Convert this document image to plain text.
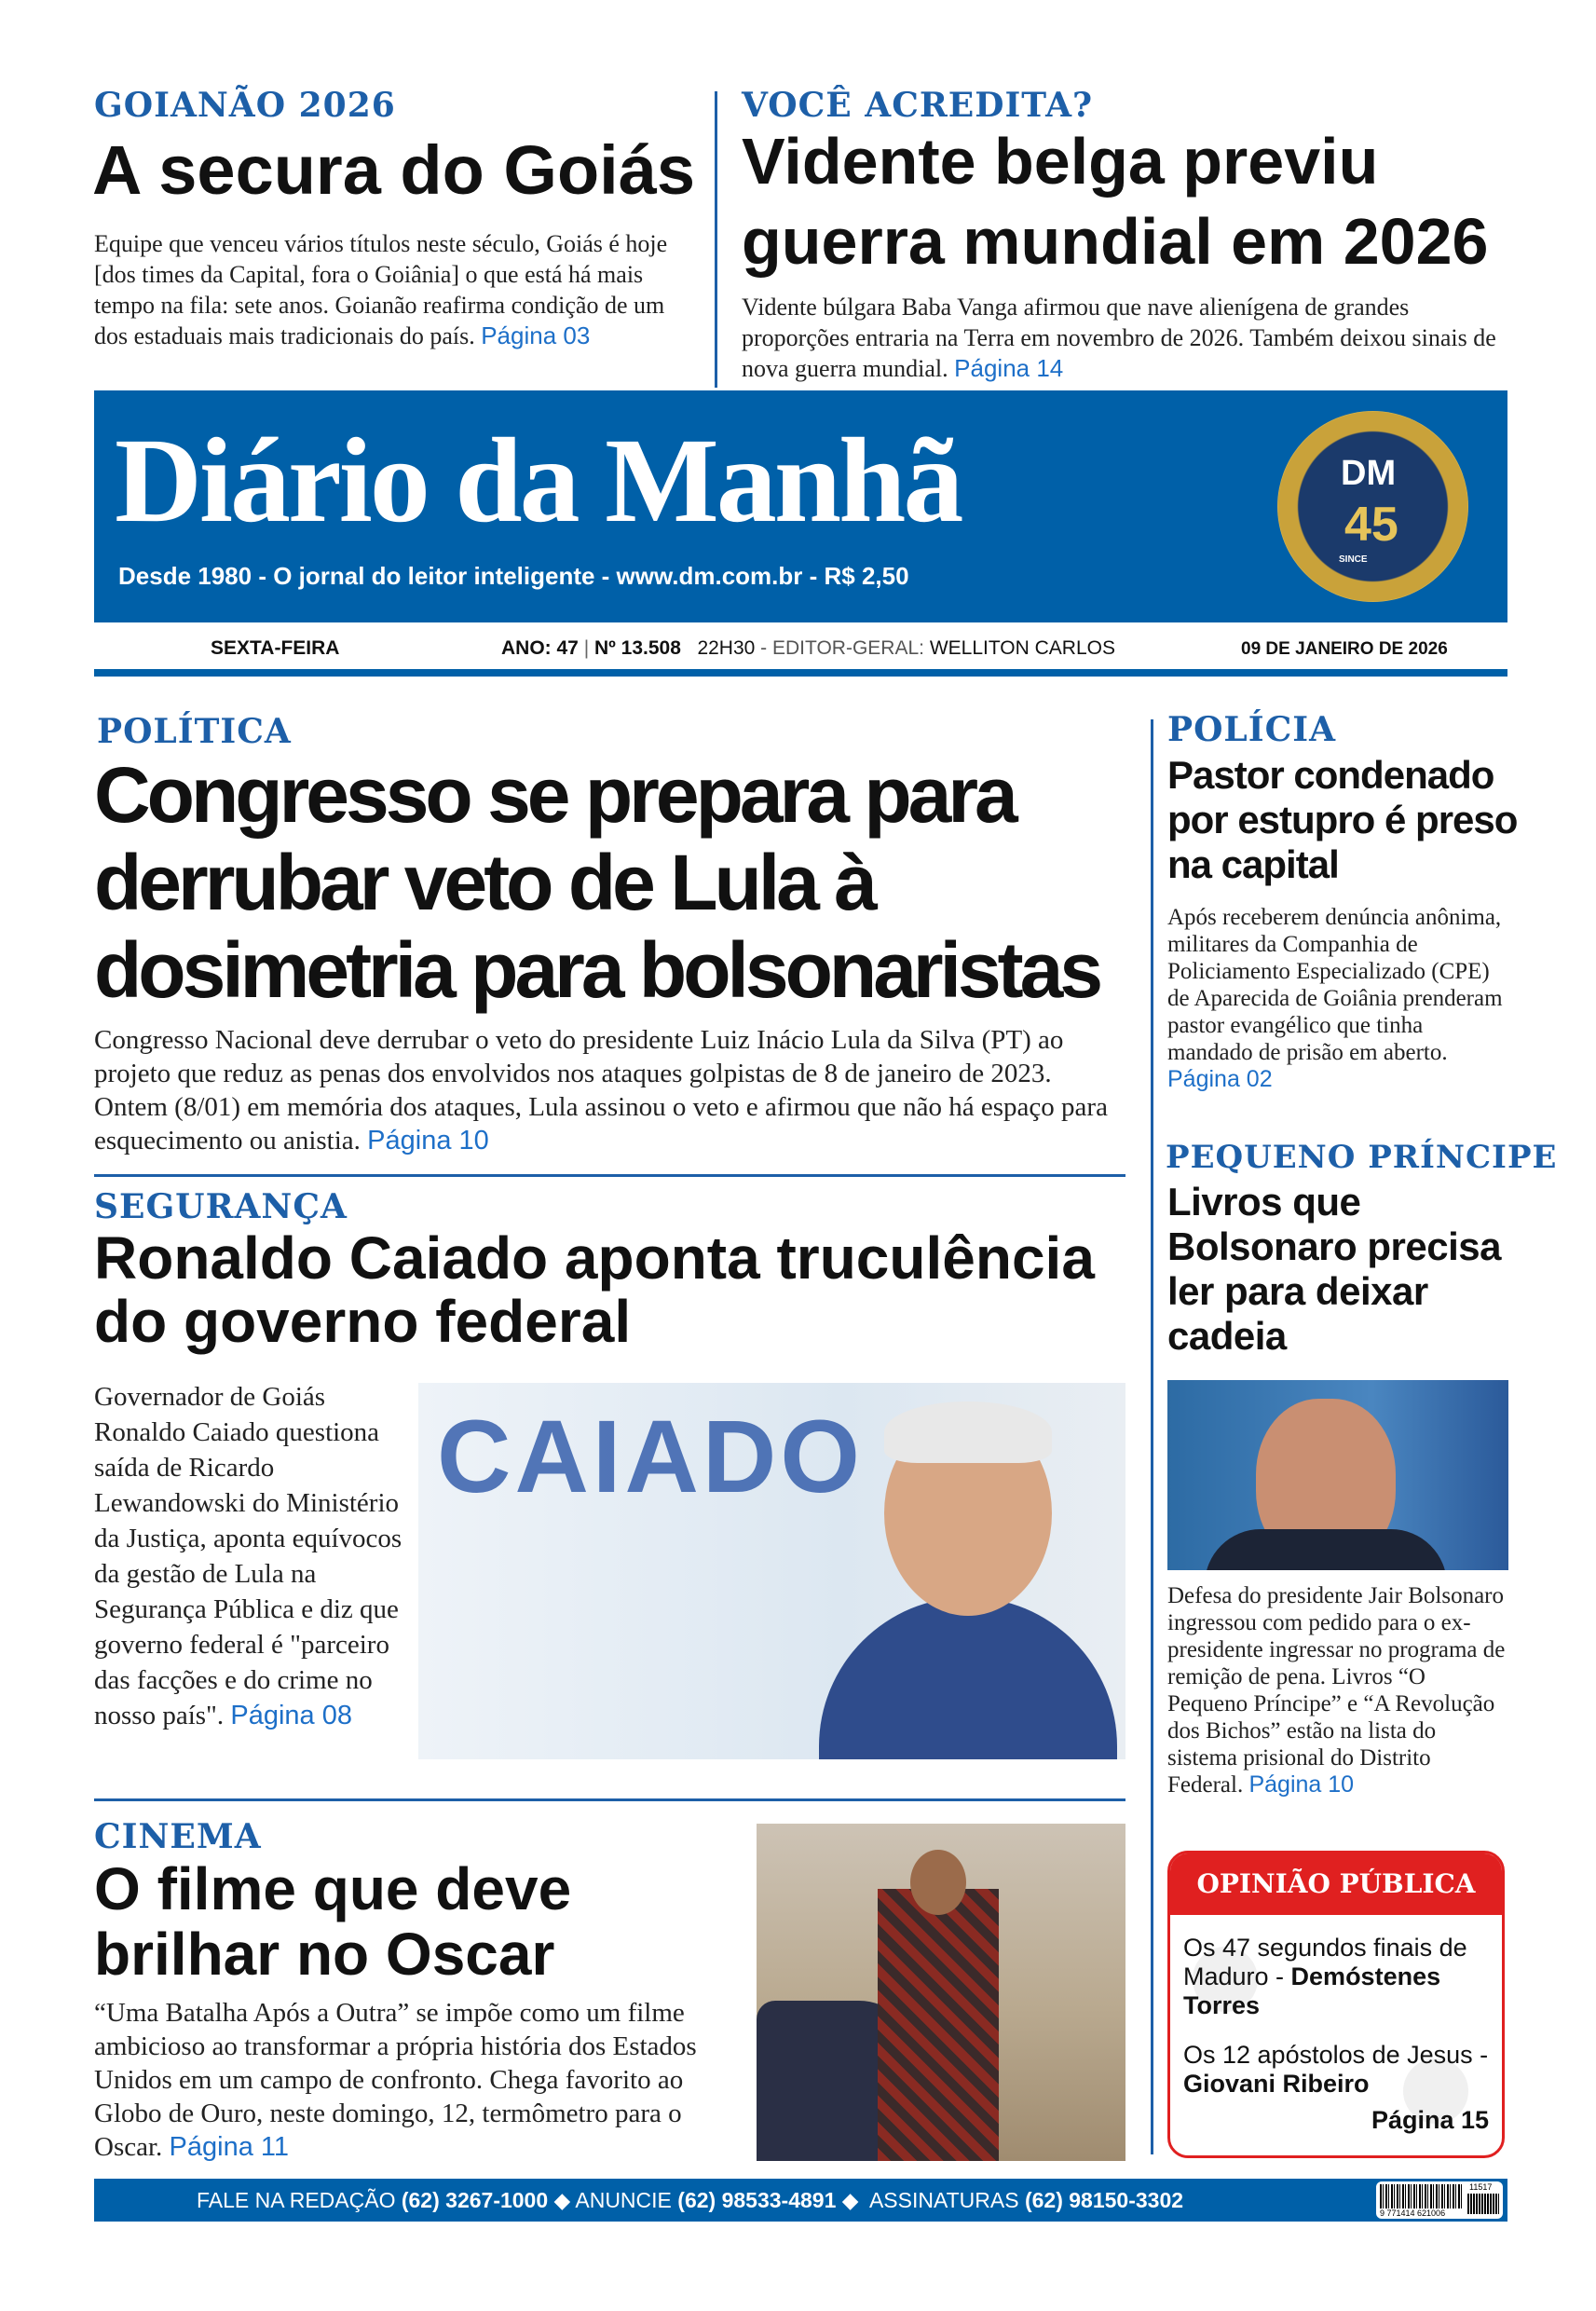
GOIANÃO 2026
A secura do Goiás
Equipe que venceu vários títulos neste século, Goiás é hoje [dos times da Capital, fora o Goiânia] o que está há mais tempo na fila: sete anos. Goianão reafirma condição de um dos estaduais mais tradicionais do país. Página 03
VOCÊ ACREDITA?
Vidente belga previu guerra mundial em 2026
Vidente búlgara Baba Vanga afirmou que nave alienígena de grandes proporções entraria na Terra em novembro de 2026. Também deixou sinais de nova guerra mundial. Página 14
Diário da Manhã
Desde 1980 - O jornal do leitor inteligente - www.dm.com.br - R$ 2,50
DM
45
SINCE
SEXTA-FEIRA	ANO: 47 | Nº 13.508 22H30 - EDITOR-GERAL: WELLITON CARLOS	09 DE JANEIRO DE 2026
POLÍTICA
Congresso se prepara para derrubar veto de Lula à dosimetria para bolsonaristas
Congresso Nacional deve derrubar o veto do presidente Luiz Inácio Lula da Silva (PT) ao projeto que reduz as penas dos envolvidos nos ataques golpistas de 8 de janeiro de 2023. Ontem (8/01) em memória dos ataques, Lula assinou o veto e afirmou que não há espaço para esquecimento ou anistia. Página 10
SEGURANÇA
Ronaldo Caiado aponta truculência do governo federal
Governador de Goiás Ronaldo Caiado questiona saída de Ricardo Lewandowski do Ministério da Justiça, aponta equívocos da gestão de Lula na Segurança Pública e diz que governo federal é "parceiro das facções e do crime no nosso país". Página 08
CAIADO
CINEMA
O filme que deve brilhar no Oscar
“Uma Batalha Após a Outra” se impõe como um filme ambicioso ao transformar a própria história dos Estados Unidos em um campo de confronto. Chega favorito ao Globo de Ouro, neste domingo, 12, termômetro para o Oscar. Página 11
POLÍCIA
Pastor condenado por estupro é preso na capital
Após receberem denúncia anônima, militares da Companhia de Policiamento Especializado (CPE) de Aparecida de Goiânia prenderam pastor evangélico que tinha mandado de prisão em aberto. Página 02
PEQUENO PRÍNCIPE
Livros que Bolsonaro precisa ler para deixar cadeia
Defesa do presidente Jair Bolsonaro ingressou com pedido para o ex-presidente ingressar no programa de remição de pena. Livros “O Pequeno Príncipe” e “A Revolução dos Bichos” estão na lista do sistema prisional do Distrito Federal. Página 10
OPINIÃO PÚBLICA
Os 47 segundos finais de Maduro - Demóstenes Torres
Os 12 apóstolos de Jesus - Giovani Ribeiro
Página 15
FALE NA REDAÇÃO (62) 3267-1000 ◆ ANUNCIE (62) 98533-4891 ◆ ASSINATURAS (62) 98150-3302
9 771414 621006
11517
